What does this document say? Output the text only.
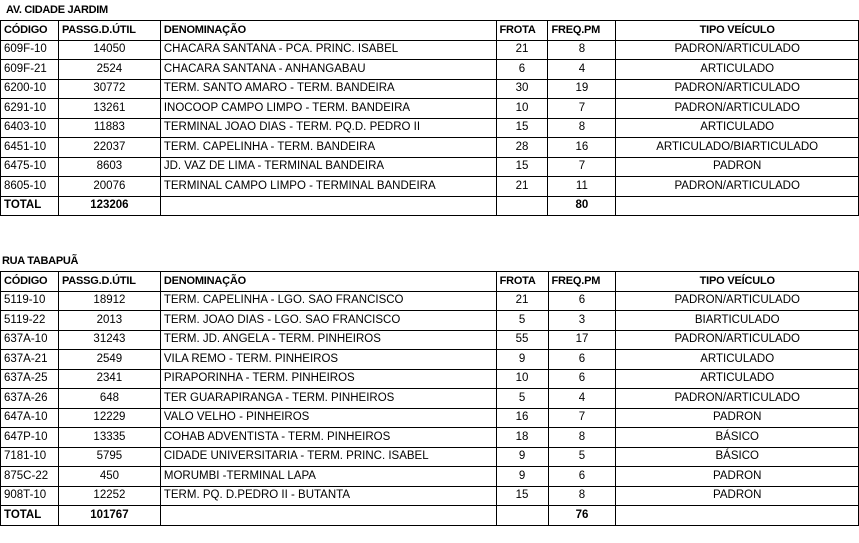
AV. CIDADE JARDIM
CÓDIGO	PASSG.D.ÚTIL	DENOMINAÇÃO	FROTA	FREQ.PM	TIPO VEÍCULO
609F-10	14050	CHACARA SANTANA - PCA. PRINC. ISABEL	21	8	PADRON/ARTICULADO
609F-21	2524	CHACARA SANTANA - ANHANGABAU	6	4	ARTICULADO
6200-10	30772	TERM. SANTO AMARO - TERM. BANDEIRA	30	19	PADRON/ARTICULADO
6291-10	13261	INOCOOP CAMPO LIMPO - TERM. BANDEIRA	10	7	PADRON/ARTICULADO
6403-10	11883	TERMINAL JOAO DIAS - TERM. PQ.D. PEDRO II	15	8	ARTICULADO
6451-10	22037	TERM. CAPELINHA - TERM. BANDEIRA	28	16	ARTICULADO/BIARTICULADO
6475-10	8603	JD. VAZ DE LIMA - TERMINAL BANDEIRA	15	7	PADRON
8605-10	20076	TERMINAL CAMPO LIMPO - TERMINAL BANDEIRA	21	11	PADRON/ARTICULADO
TOTAL	123206			80	
RUA TABAPUÃ
CÓDIGO	PASSG.D.ÚTIL	DENOMINAÇÃO	FROTA	FREQ.PM	TIPO VEÍCULO
5119-10	18912	TERM. CAPELINHA - LGO. SAO FRANCISCO	21	6	PADRON/ARTICULADO
5119-22	2013	TERM. JOAO DIAS - LGO. SAO FRANCISCO	5	3	BIARTICULADO
637A-10	31243	TERM. JD. ANGELA - TERM. PINHEIROS	55	17	PADRON/ARTICULADO
637A-21	2549	VILA REMO - TERM. PINHEIROS	9	6	ARTICULADO
637A-25	2341	PIRAPORINHA - TERM. PINHEIROS	10	6	ARTICULADO
637A-26	648	TER GUARAPIRANGA - TERM. PINHEIROS	5	4	PADRON/ARTICULADO
647A-10	12229	VALO VELHO - PINHEIROS	16	7	PADRON
647P-10	13335	COHAB ADVENTISTA - TERM. PINHEIROS	18	8	BÁSICO
7181-10	5795	CIDADE UNIVERSITARIA - TERM. PRINC. ISABEL	9	5	BÁSICO
875C-22	450	MORUMBI -TERMINAL LAPA	9	6	PADRON
908T-10	12252	TERM. PQ. D.PEDRO II - BUTANTA	15	8	PADRON
TOTAL	101767			76	
